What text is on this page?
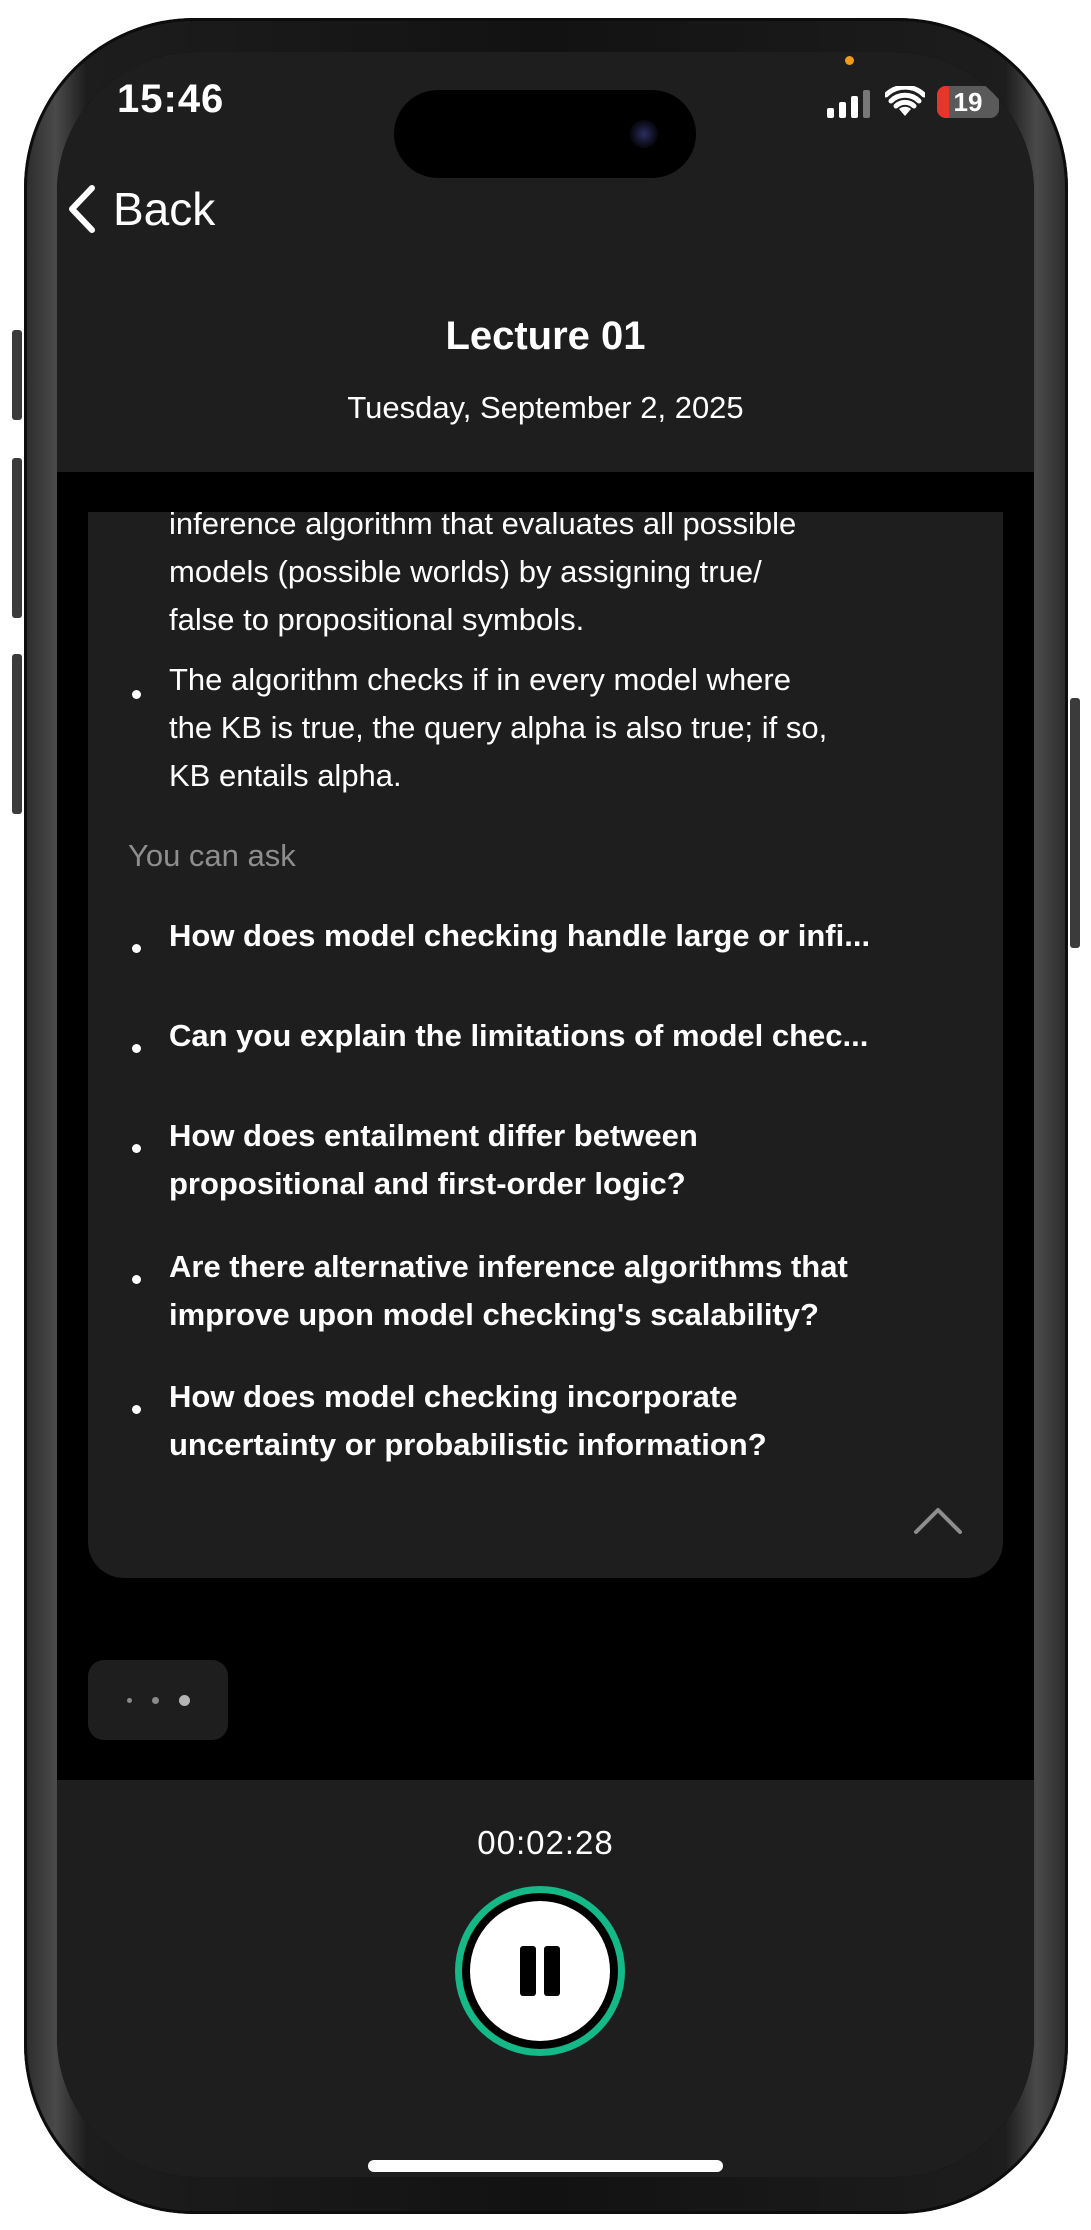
15:46	19
Back
Lecture 01
Tuesday, September 2, 2025
inference algorithm that evaluates all possible
models (possible worlds) by assigning true/
false to propositional symbols.
The algorithm checks if in every model where
the KB is true, the query alpha is also true; if so,
KB entails alpha.
You can ask
How does model checking handle large or infi...
Can you explain the limitations of model chec...
How does entailment differ between
propositional and first-order logic?
Are there alternative inference algorithms that
improve upon model checking's scalability?
How does model checking incorporate
uncertainty or probabilistic information?
00:02:28
